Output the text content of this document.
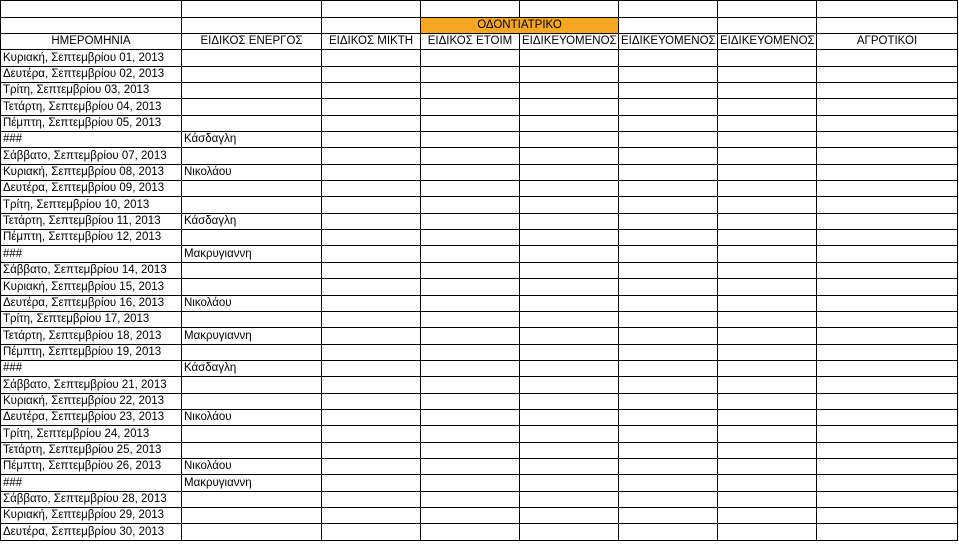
			ΟΔΟΝΤΙΑΤΡΙΚΟ				
ΗΜΕΡΟΜΗΝΙΑ	ΕΙΔΙΚΟΣ ΕΝΕΡΓΟΣ	ΕΙΔΙΚΟΣ ΜΙΚΤΗ	ΕΙΔΙΚΟΣ ΕΤΟΙΜ	ΕΙΔΙΚΕΥΟΜΕΝΟΣ	ΕΙΔΙΚΕΥΟΜΕΝΟΣ	ΕΙΔΙΚΕΥΟΜΕΝΟΣ	ΑΓΡΟΤΙΚΟΙ
Κυριακή, Σεπτεμβρίου 01, 2013							
Δευτέρα, Σεπτεμβρίου 02, 2013							
Τρίτη, Σεπτεμβρίου 03, 2013							
Τετάρτη, Σεπτεμβρίου 04, 2013							
Πέμπτη, Σεπτεμβρίου 05, 2013							
###	Κάσδαγλη						
Σάββατο, Σεπτεμβρίου 07, 2013							
Κυριακή, Σεπτεμβρίου 08, 2013	Νικολάου						
Δευτέρα, Σεπτεμβρίου 09, 2013							
Τρίτη, Σεπτεμβρίου 10, 2013							
Τετάρτη, Σεπτεμβρίου 11, 2013	Κάσδαγλη						
Πέμπτη, Σεπτεμβρίου 12, 2013							
###	Μακρυγιαννη						
Σάββατο, Σεπτεμβρίου 14, 2013							
Κυριακή, Σεπτεμβρίου 15, 2013							
Δευτέρα, Σεπτεμβρίου 16, 2013	Νικολάου						
Τρίτη, Σεπτεμβρίου 17, 2013							
Τετάρτη, Σεπτεμβρίου 18, 2013	Μακρυγιαννη						
Πέμπτη, Σεπτεμβρίου 19, 2013							
###	Κάσδαγλη						
Σάββατο, Σεπτεμβρίου 21, 2013							
Κυριακή, Σεπτεμβρίου 22, 2013							
Δευτέρα, Σεπτεμβρίου 23, 2013	Νικολάου						
Τρίτη, Σεπτεμβρίου 24, 2013							
Τετάρτη, Σεπτεμβρίου 25, 2013							
Πέμπτη, Σεπτεμβρίου 26, 2013	Νικολάου						
###	Μακρυγιαννη						
Σάββατο, Σεπτεμβρίου 28, 2013							
Κυριακή, Σεπτεμβρίου 29, 2013							
Δευτέρα, Σεπτεμβρίου 30, 2013							
